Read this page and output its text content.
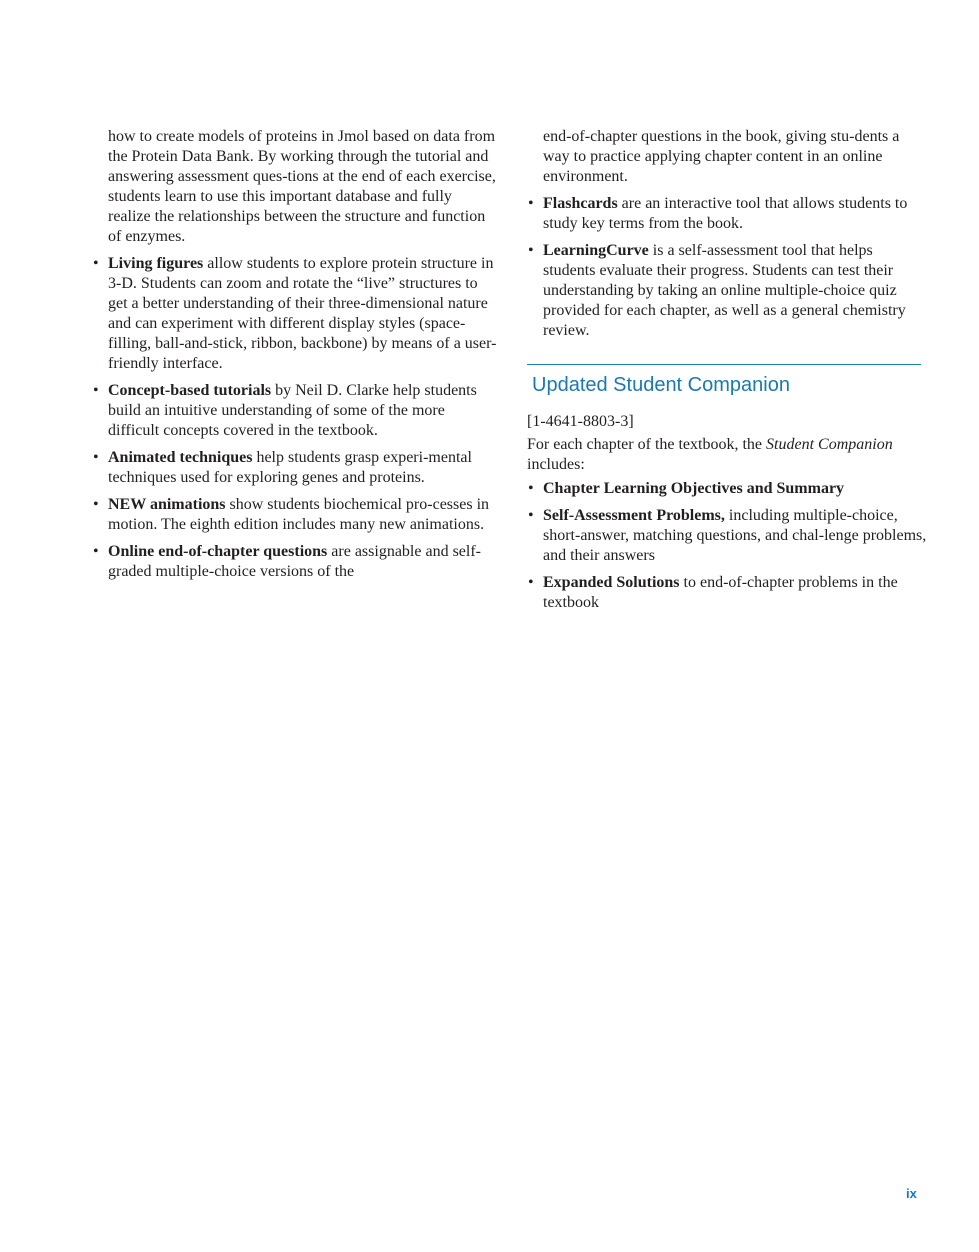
how to create models of proteins in Jmol based on data from the Protein Data Bank. By working through the tutorial and answering assessment ques-tions at the end of each exercise, students learn to use this important database and fully realize the relationships between the structure and function of enzymes.

• Living figures allow students to explore protein structure in 3-D. Students can zoom and rotate the “live” structures to get a better understanding of their three-dimensional nature and can experiment with different display styles (space-filling, ball-and-stick, ribbon, backbone) by means of a user-friendly interface.
• Concept-based tutorials by Neil D. Clarke help students build an intuitive understanding of some of the more difficult concepts covered in the textbook.
• Animated techniques help students grasp experi-mental techniques used for exploring genes and proteins.
• NEW animations show students biochemical pro-cesses in motion. The eighth edition includes many new animations.
• Online end-of-chapter questions are assignable and self-graded multiple-choice versions of the

end-of-chapter questions in the book, giving stu-dents a way to practice applying chapter content in an online environment.

• Flashcards are an interactive tool that allows students to study key terms from the book.
• LearningCurve is a self-assessment tool that helps students evaluate their progress. Students can test their understanding by taking an online multiple-choice quiz provided for each chapter, as well as a general chemistry review.
Updated Student Companion
[1-4641-8803-3]
For each chapter of the textbook, the Student Companion includes:
• Chapter Learning Objectives and Summary
• Self-Assessment Problems, including multiple-choice, short-answer, matching questions, and chal-lenge problems, and their answers
• Expanded Solutions to end-of-chapter problems in the textbook
ix
